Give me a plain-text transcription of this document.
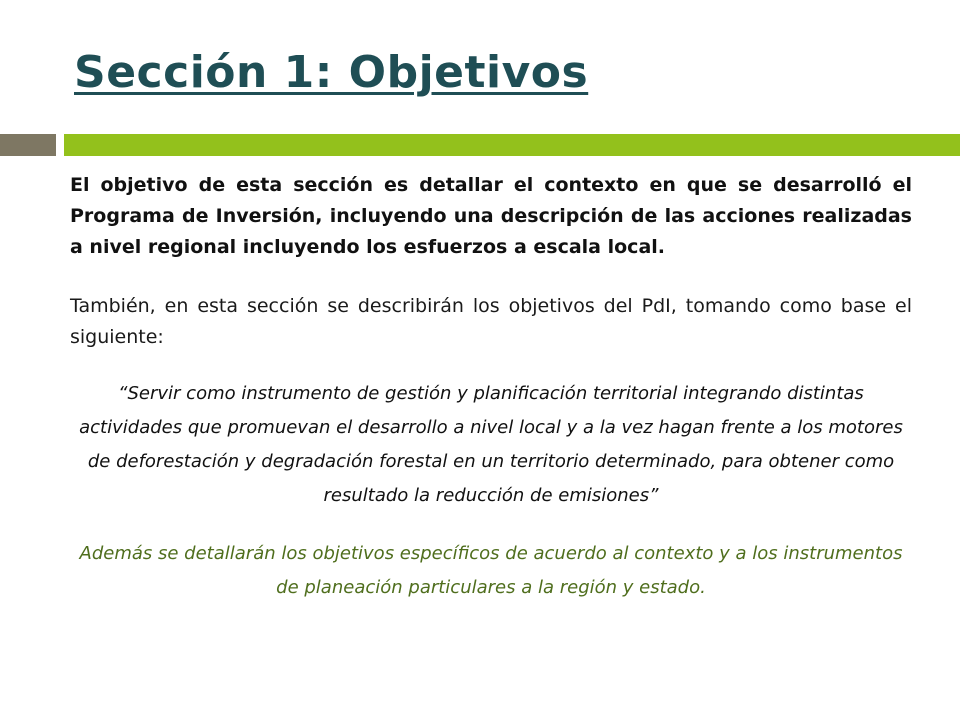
Sección 1: Objetivos

El objetivo de esta sección es detallar el contexto en que se desarrolló el Programa de Inversión, incluyendo una descripción de las acciones realizadas a nivel regional incluyendo los esfuerzos a escala local.

También, en esta sección se describirán los objetivos del PdI, tomando como base el siguiente:

“Servir como instrumento de gestión y planificación territorial integrando distintas actividades que promuevan el desarrollo a nivel local y a la vez hagan frente a los motores de deforestación y degradación forestal en un territorio determinado, para obtener como resultado la reducción de emisiones”

Además se detallarán los objetivos específicos de acuerdo al contexto y a los instrumentos de planeación particulares a la región y estado.
